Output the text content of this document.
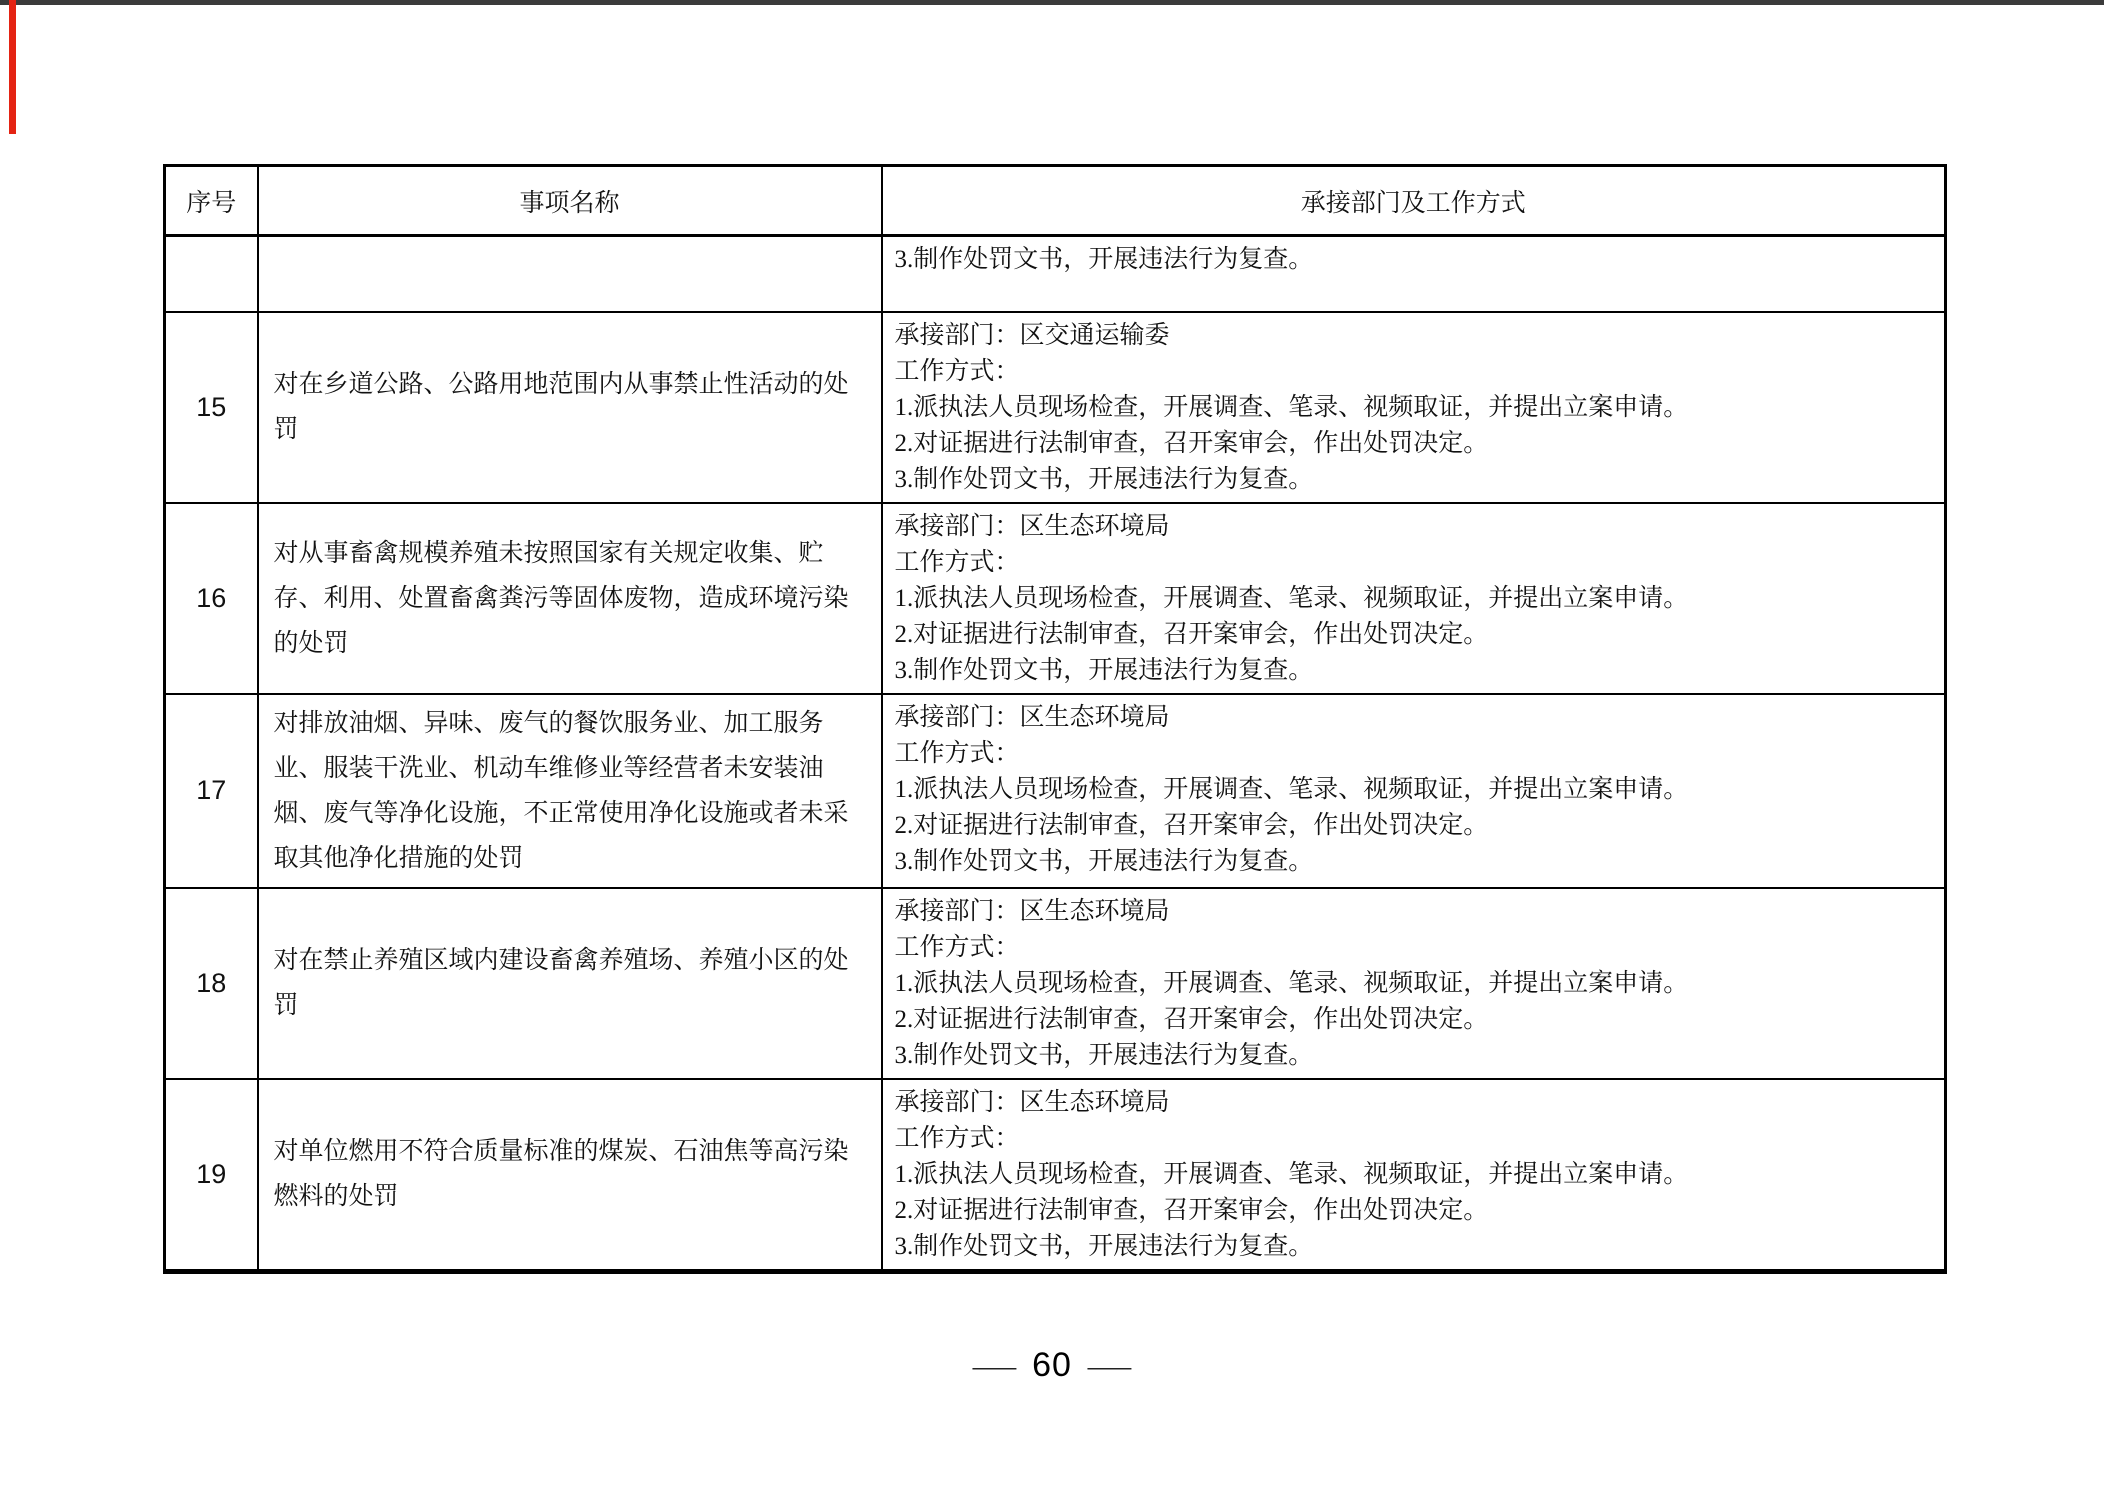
序号	事项名称	承接部门及工作方式

		3.制作处罚文书，开展违法行为复查。

15	对在乡道公路、公路用地范围内从事禁止性活动的处罚	承接部门：区交通运输委
工作方式：
1.派执法人员现场检查，开展调查、笔录、视频取证，并提出立案申请。
2.对证据进行法制审查，召开案审会，作出处罚决定。
3.制作处罚文书，开展违法行为复查。

16	对从事畜禽规模养殖未按照国家有关规定收集、贮存、利用、处置畜禽粪污等固体废物，造成环境污染的处罚	承接部门：区生态环境局
工作方式：
1.派执法人员现场检查，开展调查、笔录、视频取证，并提出立案申请。
2.对证据进行法制审查，召开案审会，作出处罚决定。
3.制作处罚文书，开展违法行为复查。

17	对排放油烟、异味、废气的餐饮服务业、加工服务业、服装干洗业、机动车维修业等经营者未安装油烟、废气等净化设施，不正常使用净化设施或者未采取其他净化措施的处罚	承接部门：区生态环境局
工作方式：
1.派执法人员现场检查，开展调查、笔录、视频取证，并提出立案申请。
2.对证据进行法制审查，召开案审会，作出处罚决定。
3.制作处罚文书，开展违法行为复查。

18	对在禁止养殖区域内建设畜禽养殖场、养殖小区的处罚	承接部门：区生态环境局
工作方式：
1.派执法人员现场检查，开展调查、笔录、视频取证，并提出立案申请。
2.对证据进行法制审查，召开案审会，作出处罚决定。
3.制作处罚文书，开展违法行为复查。

19	对单位燃用不符合质量标准的煤炭、石油焦等高污染燃料的处罚	承接部门：区生态环境局
工作方式：
1.派执法人员现场检查，开展调查、笔录、视频取证，并提出立案申请。
2.对证据进行法制审查，召开案审会，作出处罚决定。
3.制作处罚文书，开展违法行为复查。
— 60 —
